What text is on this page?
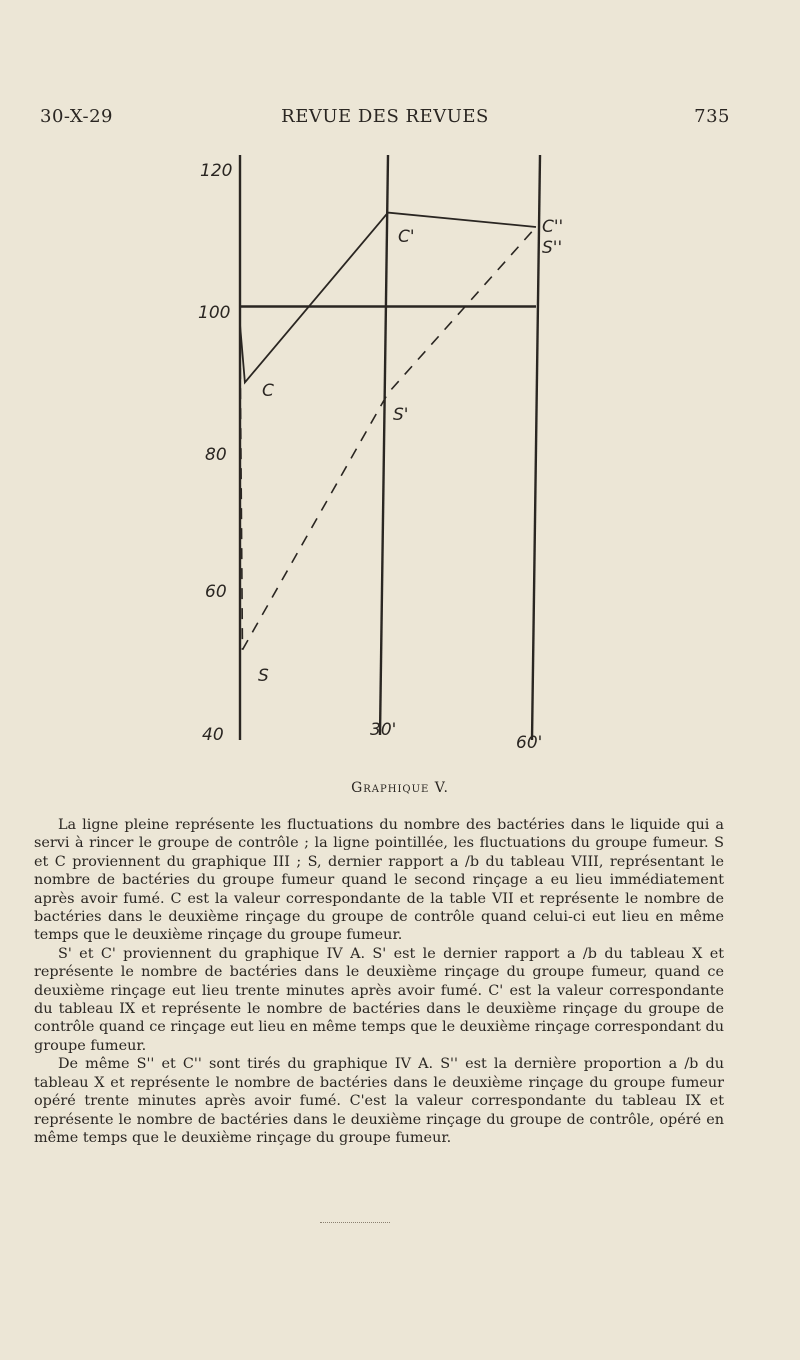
30-X-29	REVUE DES REVUES	735
120
100
80
60
40	30'
60'
C
C'	C''
S
S'
S''
Graphique V.

La ligne pleine représente les fluctuations du nombre des bactéries dans le liquide qui a servi à rincer le groupe de contrôle ; la ligne pointillée, les fluctuations du groupe fumeur. S et C proviennent du graphique III ; S, dernier rapport a /b du tableau VIII, représentant le nombre de bactéries du groupe fumeur quand le second rinçage a eu lieu immédiatement après avoir fumé. C est la valeur correspondante de la table VII et représente le nombre de bactéries dans le deuxième rinçage du groupe de contrôle quand celui-ci eut lieu en même temps que le deuxième rinçage du groupe fumeur.

S' et C' proviennent du graphique IV A. S' est le dernier rapport a /b du tableau X et représente le nombre de bactéries dans le deuxième rinçage du groupe fumeur, quand ce deuxième rinçage eut lieu trente minutes après avoir fumé. C' est la valeur correspondante du tableau IX et représente le nombre de bactéries dans le deuxième rinçage du groupe de contrôle quand ce rinçage eut lieu en même temps que le deuxième rinçage correspondant du groupe fumeur.

De même S'' et C'' sont tirés du graphique IV A. S'' est la dernière proportion a /b du tableau X et représente le nombre de bactéries dans le deuxième rinçage du groupe fumeur opéré trente minutes après avoir fumé. C'est la valeur correspondante du tableau IX et représente le nombre de bactéries dans le deuxième rinçage du groupe de contrôle, opéré en même temps que le deuxième rinçage du groupe fumeur.
